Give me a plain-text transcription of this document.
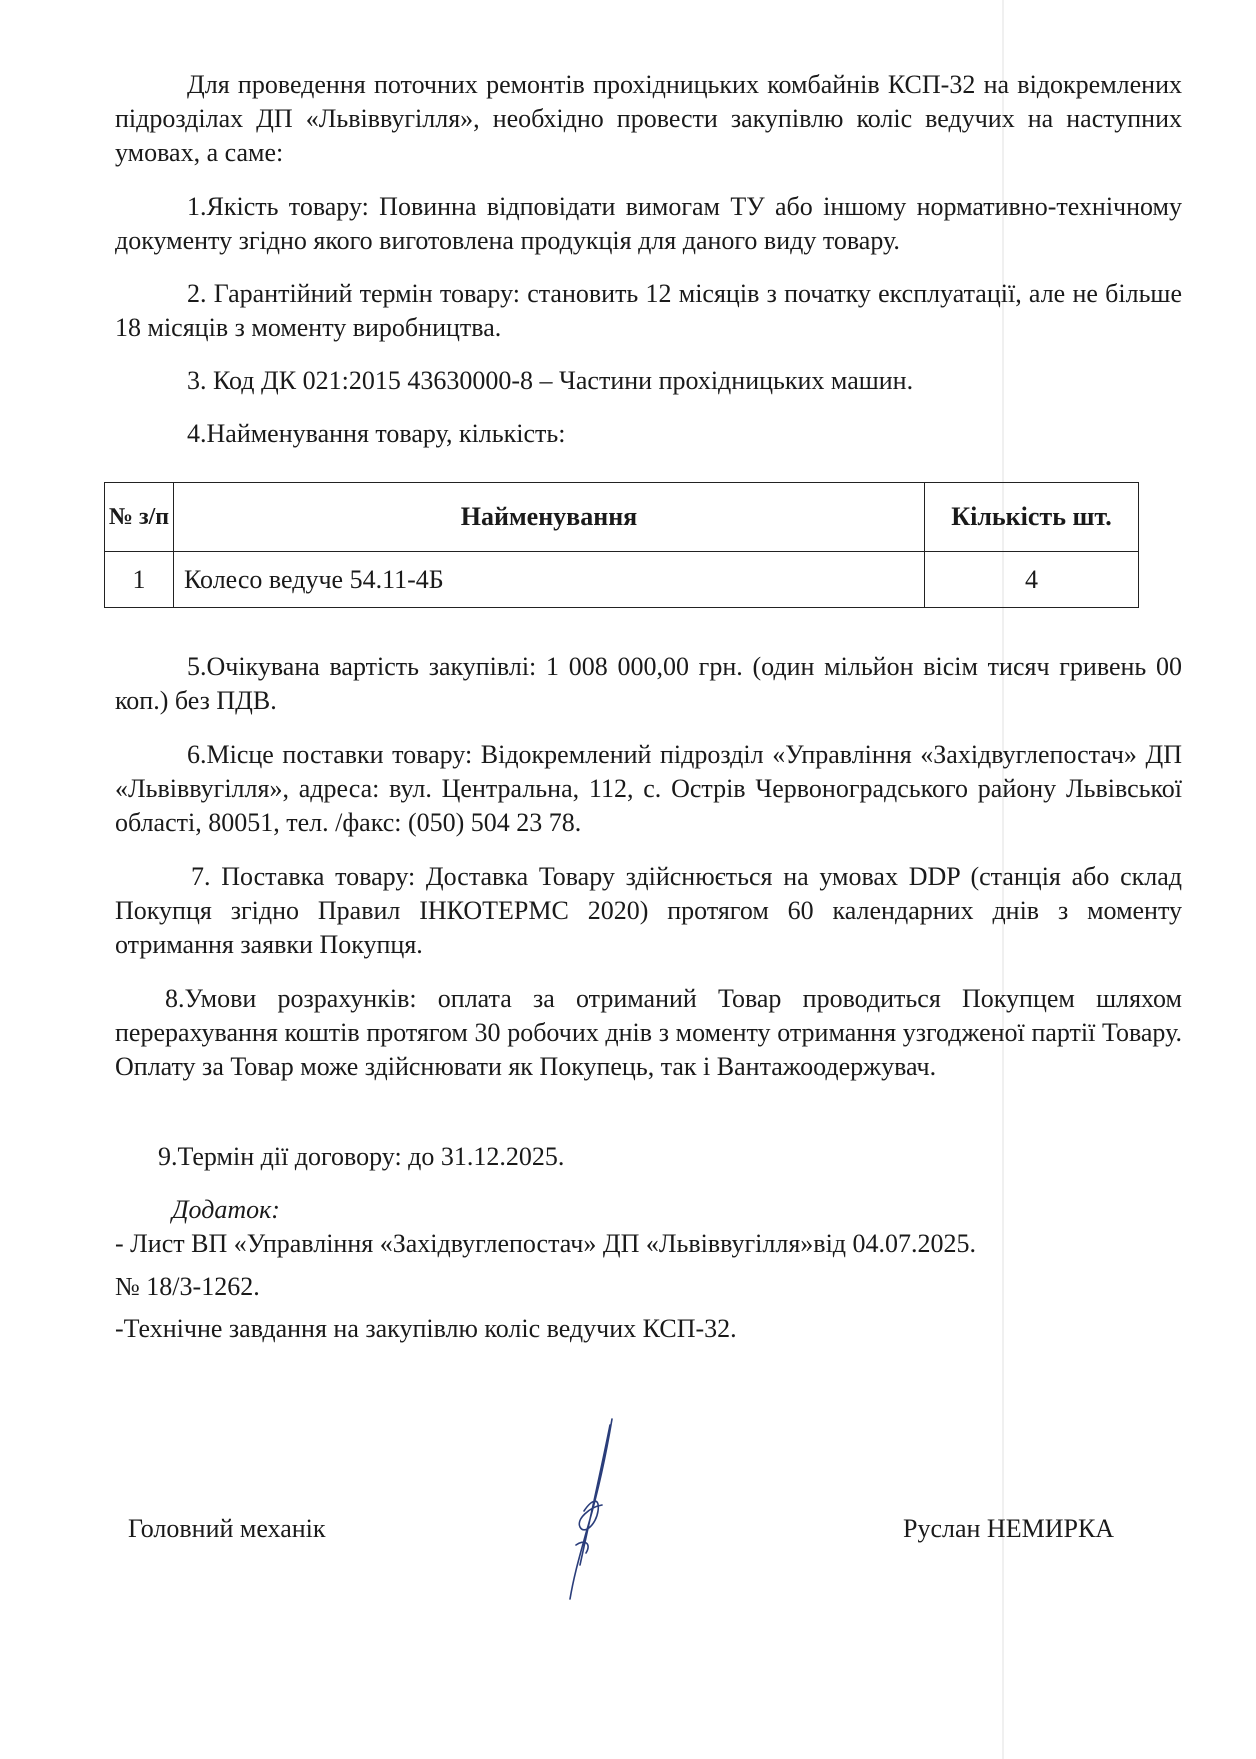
Для проведення поточних ремонтів прохідницьких комбайнів КСП-32 на відокремлених підрозділах ДП «Львіввугілля», необхідно провести закупівлю коліс ведучих на наступних умовах, а саме:

1.Якість товару: Повинна відповідати вимогам ТУ або іншому нормативно-технічному документу згідно якого виготовлена продукція для даного виду товару.

2. Гарантійний термін товару: становить 12 місяців з початку експлуатації, але не більше 18 місяців з моменту виробництва.

3. Код ДК 021:2015 43630000-8 – Частини прохідницьких машин.

4.Найменування товару, кількість:

№ з/п	Найменування	Кількість шт.
1	Колесо ведуче 54.11-4Б	4

5.Очікувана вартість закупівлі: 1 008 000,00 грн. (один мільйон вісім тисяч гривень 00 коп.) без ПДВ.

6.Місце поставки товару: Відокремлений підрозділ «Управління «Західвуглепостач» ДП «Львіввугілля», адреса: вул. Центральна, 112, с. Острів Червоноградського району Львівської області, 80051, тел. /факс: (050) 504 23 78.

7. Поставка товару: Доставка Товару здійснюється на умовах DDP (станція або склад Покупця згідно Правил ІНКОТЕРМС 2020) протягом 60 календарних днів з моменту отримання заявки Покупця.

8.Умови розрахунків: оплата за отриманий Товар проводиться Покупцем шляхом перерахування коштів протягом 30 робочих днів з моменту отримання узгодженої партії Товару. Оплату за Товар може здійснювати як Покупець, так і Вантажоодержувач.

9.Термін дії договору: до 31.12.2025.

Додаток:

- Лист ВП «Управління «Західвуглепостач» ДП «Львіввугілля»від 04.07.2025.

№ 18/3-1262.

-Технічне завдання на закупівлю коліс ведучих КСП-32.

Головний механік	Руслан НЕМИРКА
